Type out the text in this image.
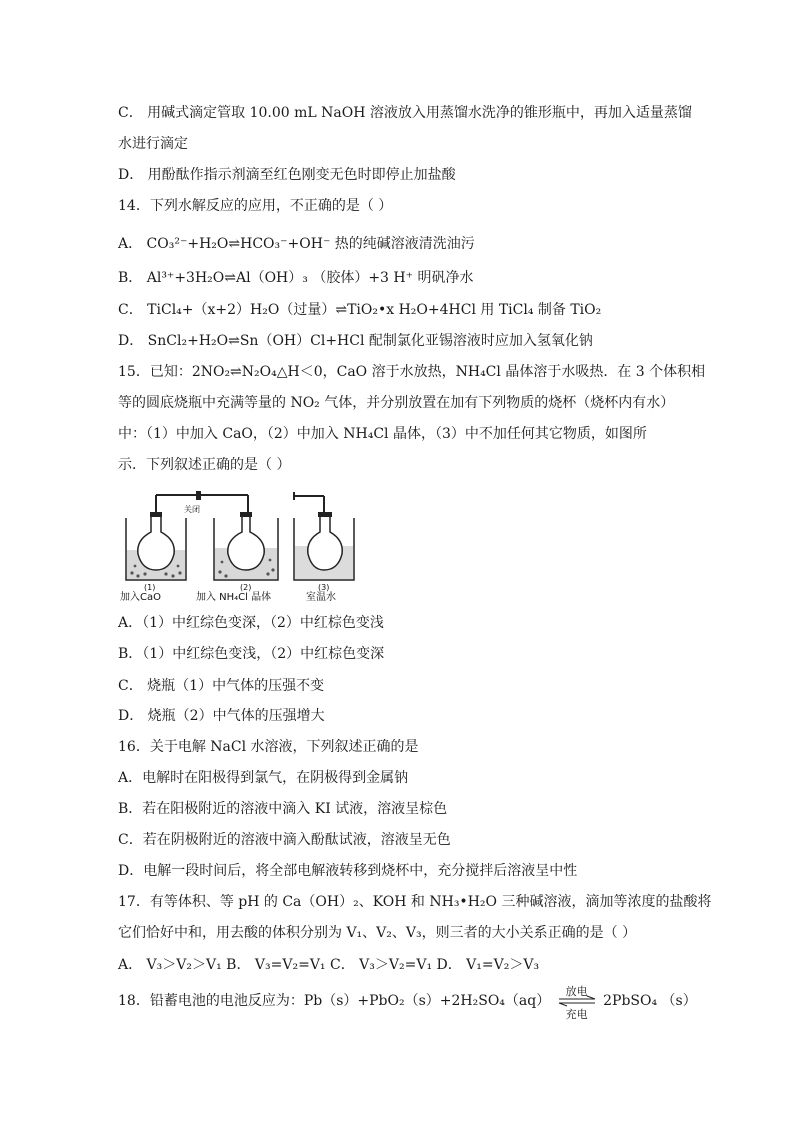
C． 用碱式滴定管取 10.00 mL NaOH 溶液放入用蒸馏水洗净的锥形瓶中，再加入适量蒸馏
水进行滴定
D． 用酚酞作指示剂滴至红色刚变无色时即停止加盐酸
14．下列水解反应的应用，不正确的是（ ）
A． CO₃²⁻+H₂O⇌HCO₃⁻+OH⁻ 热的纯碱溶液清洗油污
B． Al³⁺+3H₂O⇌Al（OH）₃ （胶体）+3 H⁺ 明矾净水
C． TiCl₄+（x+2）H₂O（过量）⇌TiO₂•x H₂O+4HCl 用 TiCl₄ 制备 TiO₂
D． SnCl₂+H₂O⇌Sn（OH）Cl+HCl 配制氯化亚锡溶液时应加入氢氧化钠
15．已知：2NO₂⇌N₂O₄△H＜0，CaO 溶于水放热，NH₄Cl 晶体溶于水吸热．在 3 个体积相
等的圆底烧瓶中充满等量的 NO₂ 气体，并分别放置在加有下列物质的烧杯（烧杯内有水）
中：（1）中加入 CaO，（2）中加入 NH₄Cl 晶体，（3）中不加任何其它物质，如图所
示．下列叙述正确的是（ ）
关闭
(1)
加入CaO
(2)
加入 NH₄Cl 晶体
(3)
室温水
A．（1）中红综色变深，（2）中红棕色变浅
B．（1）中红综色变浅，（2）中红棕色变深
C． 烧瓶（1）中气体的压强不变
D． 烧瓶（2）中气体的压强增大
16．关于电解 NaCl 水溶液，下列叙述正确的是
A．电解时在阳极得到氯气，在阴极得到金属钠
B．若在阳极附近的溶液中滴入 KI 试液，溶液呈棕色
C．若在阴极附近的溶液中滴入酚酞试液，溶液呈无色
D．电解一段时间后，将全部电解液转移到烧杯中，充分搅拌后溶液呈中性
17．有等体积、等 pH 的 Ca（OH）₂、KOH 和 NH₃•H₂O 三种碱溶液，滴加等浓度的盐酸将
它们恰好中和，用去酸的体积分别为 V₁、V₂、V₃，则三者的大小关系正确的是（ ）
A． V₃＞V₂＞V₁ B． V₃=V₂=V₁ C． V₃＞V₂=V₁ D． V₁=V₂＞V₃
18．铅蓄电池的电池反应为：Pb（s）+PbO₂（s）+2H₂SO₄（aq）
放电
充电
2PbSO₄ （s）
